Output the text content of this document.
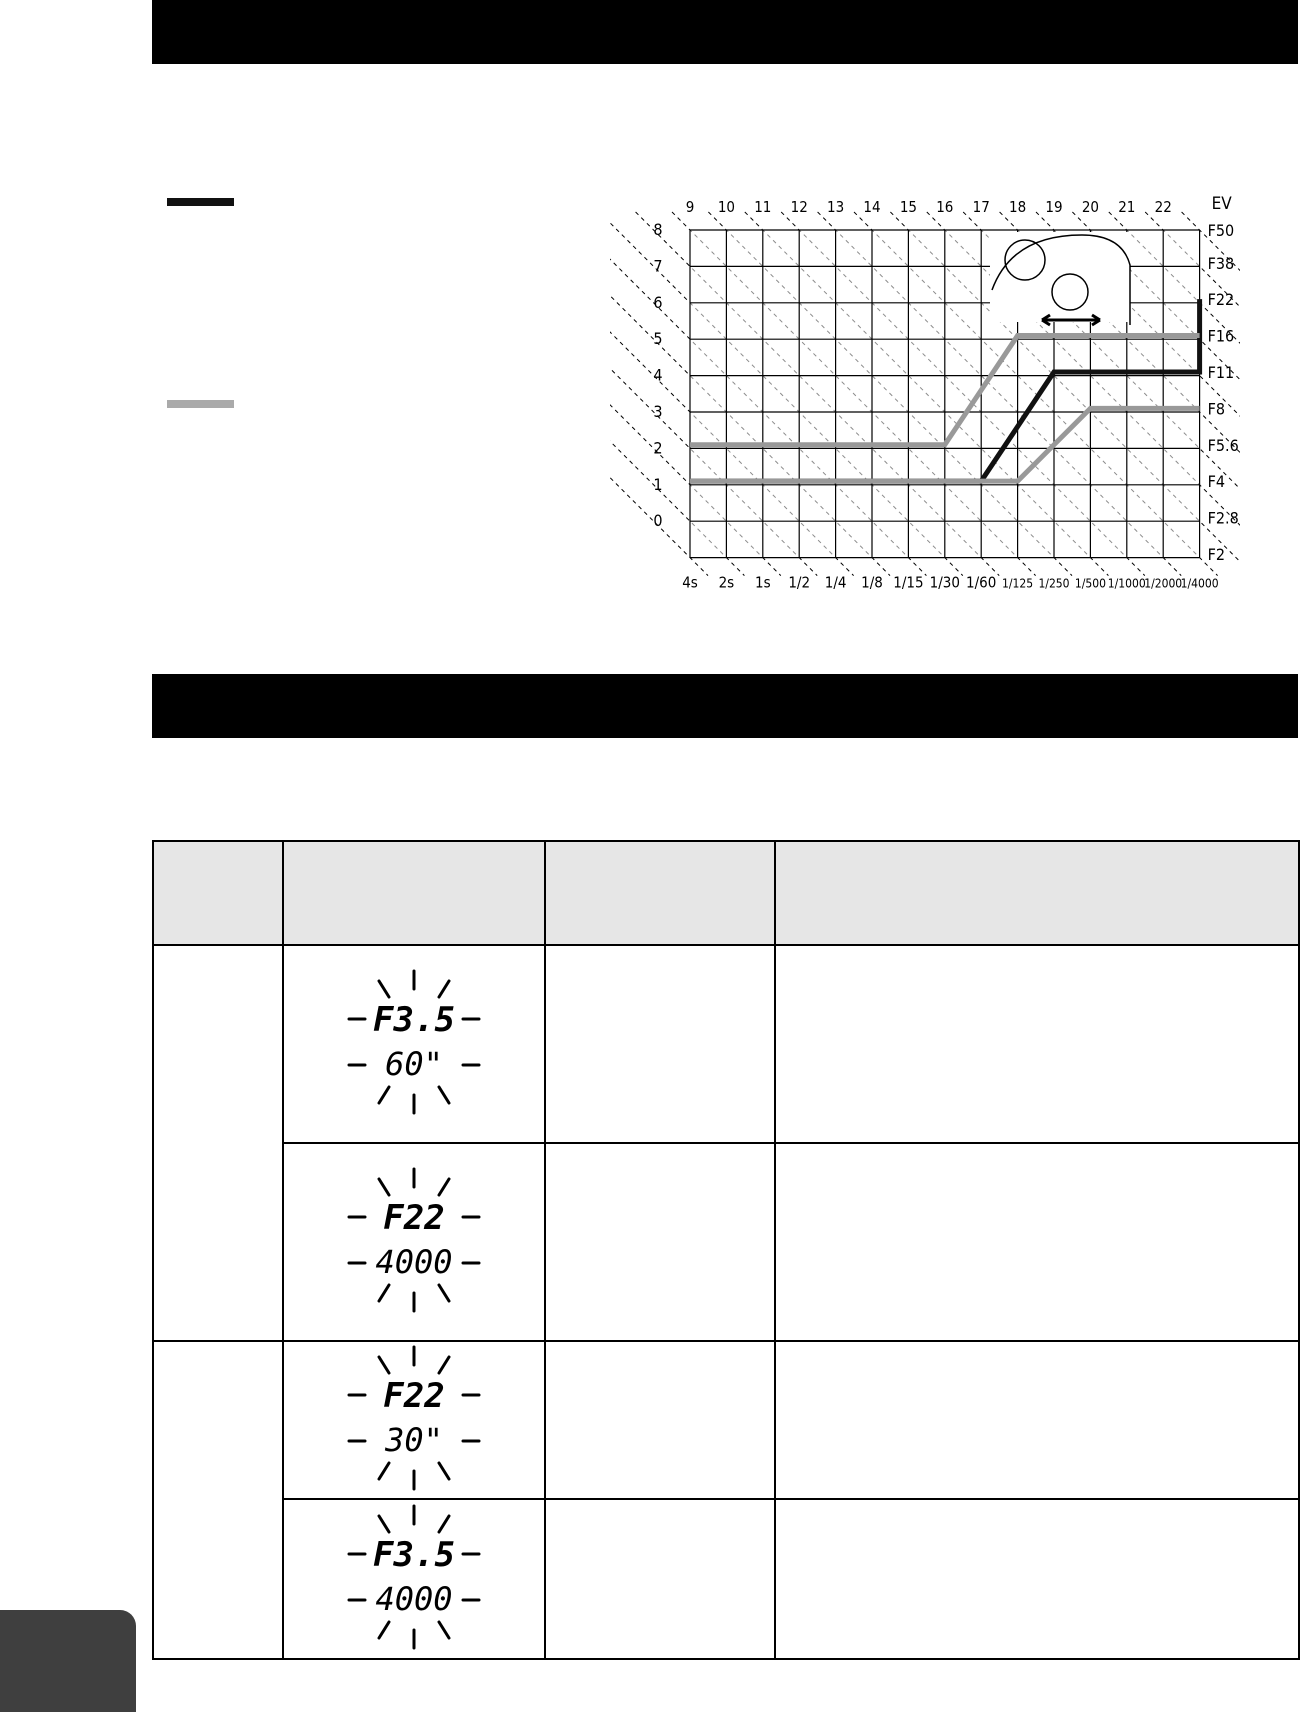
9 10 11 12 13 14 15 16 17 18 19 20 21 22 EV
8
7
6
5
4
3
2
1
0
4s 2s 1s 1/2 1/4 1/8 1/15 1/30 1/60 1/125 1/250 1/500 1/1000
1/2000
1/4000
F50
F38
F22
F16
F11
F8
F5.6
F4
F2.8
F2

F3.5
60"		

F22
4000		

F22
30"		

F3.5
4000		
